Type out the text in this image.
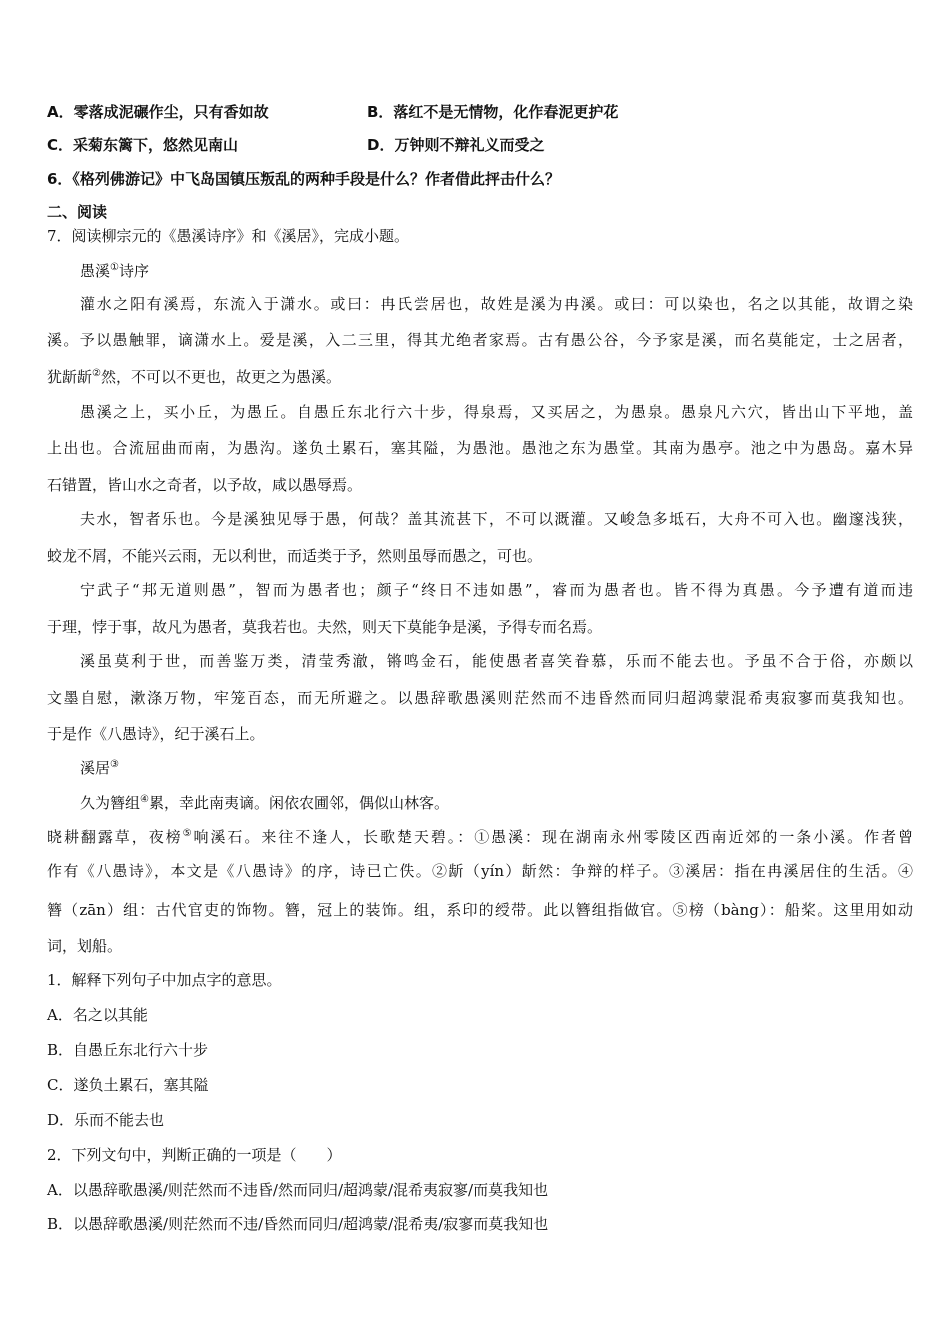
A．零落成泥碾作尘，只有香如故	B．落红不是无情物，化作春泥更护花
C．采菊东篱下，悠然见南山	D．万钟则不辩礼义而受之
6．《格列佛游记》中飞岛国镇压叛乱的两种手段是什么？作者借此抨击什么？
二、阅读
7．阅读柳宗元的《愚溪诗序》和《溪居》，完成小题。
愚溪①诗序
灌水之阳有溪焉，东流入于潇水。或曰：冉氏尝居也，故姓是溪为冉溪。或曰：可以染也，名之以其能，故谓之染
溪。予以愚触罪，谪潇水上。爱是溪，入二三里，得其尤绝者家焉。古有愚公谷，今予家是溪，而名莫能定，士之居者，
犹龂龂②然，不可以不更也，故更之为愚溪。
愚溪之上，买小丘，为愚丘。自愚丘东北行六十步，得泉焉，又买居之，为愚泉。愚泉凡六穴，皆出山下平地，盖
上出也。合流屈曲而南，为愚沟。遂负土累石，塞其隘，为愚池。愚池之东为愚堂。其南为愚亭。池之中为愚岛。嘉木异
石错置，皆山水之奇者，以予故，咸以愚辱焉。
夫水，智者乐也。今是溪独见辱于愚，何哉？盖其流甚下，不可以溉灌。又峻急多坻石，大舟不可入也。幽邃浅狭，
蛟龙不屑，不能兴云雨，无以利世，而适类于予，然则虽辱而愚之，可也。
宁武子“邦无道则愚”，智而为愚者也；颜子“终日不违如愚”，睿而为愚者也。皆不得为真愚。今予遭有道而违
于理，悖于事，故凡为愚者，莫我若也。夫然，则天下莫能争是溪，予得专而名焉。
溪虽莫利于世，而善鉴万类，清莹秀澈，锵鸣金石，能使愚者喜笑眷慕，乐而不能去也。予虽不合于俗，亦颇以
文墨自慰，漱涤万物，牢笼百态，而无所避之。以愚辞歌愚溪则茫然而不违昏然而同归超鸿蒙混希夷寂寥而莫我知也。
于是作《八愚诗》，纪于溪石上。
溪居③
久为簪组④累，幸此南夷谪。闲依农圃邻，偶似山林客。
晓耕翻露草，夜榜⑤响溪石。来往不逢人，长歌楚天碧。：①愚溪：现在湖南永州零陵区西南近郊的一条小溪。作者曾
作有《八愚诗》，本文是《八愚诗》的序，诗已亡佚。②龂（yín）龂然：争辩的样子。③溪居：指在冉溪居住的生活。④
簪（zān）组：古代官吏的饰物。簪，冠上的装饰。组，系印的绶带。此以簪组指做官。⑤榜（bàng）：船桨。这里用如动
词，划船。
1．解释下列句子中加点字的意思。
A．名之以其能
B．自愚丘东北行六十步
C．遂负土累石，塞其隘
D．乐而不能去也
2．下列文句中，判断正确的一项是（　　）
A．以愚辞歌愚溪/则茫然而不违昏/然而同归/超鸿蒙/混希夷寂寥/而莫我知也
B．以愚辞歌愚溪/则茫然而不违/昏然而同归/超鸿蒙/混希夷/寂寥而莫我知也
